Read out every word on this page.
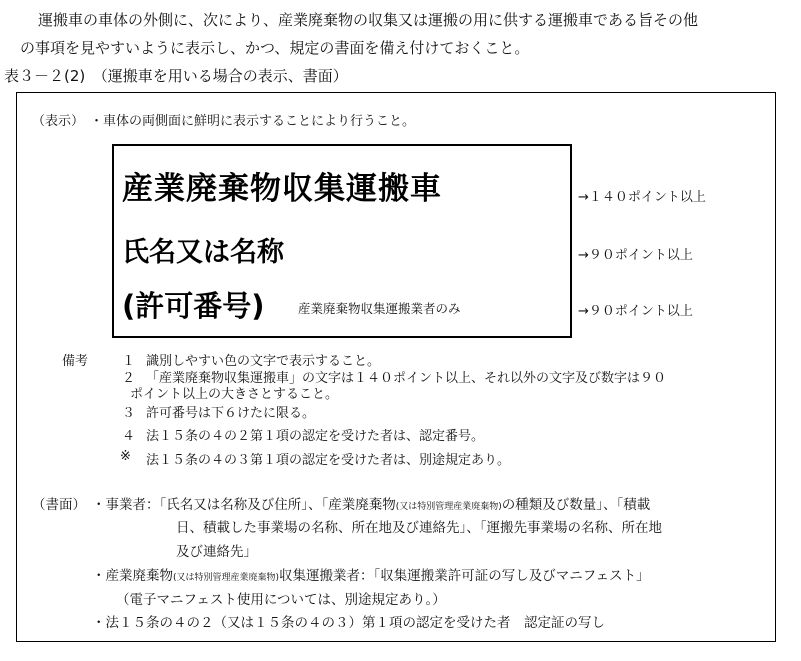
運搬車の車体の外側に、次により、産業廃棄物の収集又は運搬の用に供する運搬車である旨その他
の事項を見やすいように表示し、かつ、規定の書面を備え付けておくこと。
表３－２(2)　（運搬車を用いる場合の表示、書面）
（表示） ・車体の両側面に鮮明に表示することにより行うこと。
産業廃棄物収集運搬車
氏名又は名称
(許可番号)	産業廃棄物収集運搬業者のみ
→１４０ポイント以上
→９０ポイント以上
→９０ポイント以上
備考	１ 識別しやすい色の文字で表示すること。
２ 「産業廃棄物収集運搬車」の文字は１４０ポイント以上、それ以外の文字及び数字は９０
ポイント以上の大きさとすること。
３ 許可番号は下６けたに限る。
４ 法１５条の４の２第１項の認定を受けた者は、認定番号。
※ 法１５条の４の３第１項の認定を受けた者は、別途規定あり。
（書面） ・事業者：「氏名又は名称及び住所」、「産業廃棄物(又は特別管理産業廃棄物)の種類及び数量」、「積載
日、積載した事業場の名称、所在地及び連絡先」、「運搬先事業場の名称、所在地
及び連絡先」
・産業廃棄物(又は特別管理産業廃棄物)収集運搬業者：「収集運搬業許可証の写し及びマニフェスト」
（電子マニフェスト使用については、別途規定あり。）
・法１５条の４の２（又は１５条の４の３）第１項の認定を受けた者　認定証の写し
